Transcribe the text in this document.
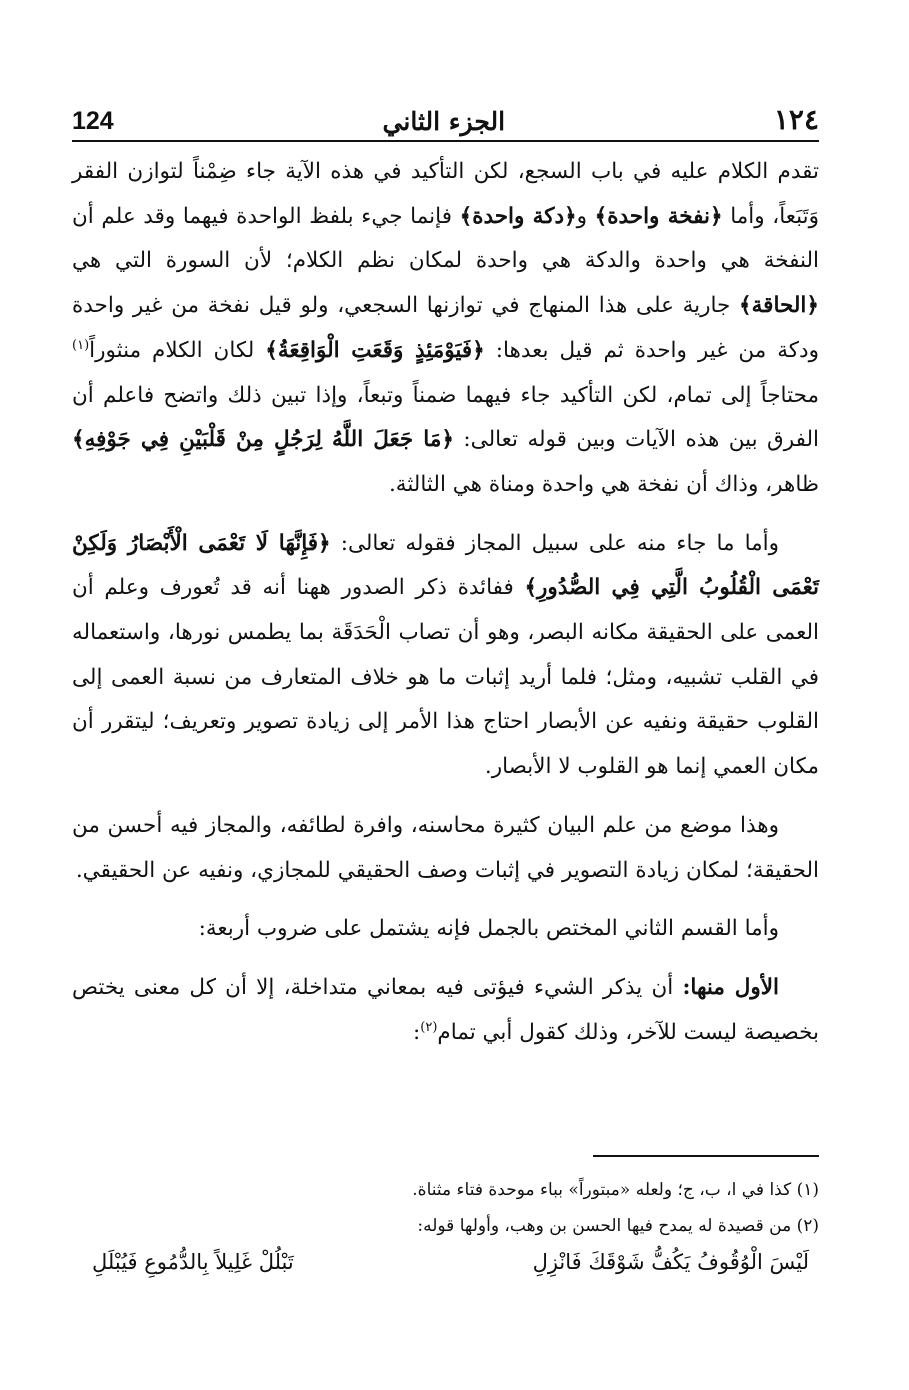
124	الجزء الثاني	١٢٤

تقدم الكلام عليه في باب السجع، لكن التأكيد في هذه الآية جاء ضِمْناً لتوازن الفقر وَتَبَعاً، وأما ﴿نفخة واحدة﴾ و﴿دكة واحدة﴾ فإنما جيء بلفظ الواحدة فيهما وقد علم أن النفخة هي واحدة والدكة هي واحدة لمكان نظم الكلام؛ لأن السورة التي هي ﴿الحاقة﴾ جارية على هذا المنهاج في توازنها السجعي، ولو قيل نفخة من غير واحدة ودكة من غير واحدة ثم قيل بعدها: ﴿فَيَوْمَئِذٍ وَقَعَتِ الْوَاقِعَةُ﴾ لكان الكلام منثوراً$^{(١)}$ محتاجاً إلى تمام، لكن التأكيد جاء فيهما ضمناً وتبعاً، وإذا تبين ذلك واتضح فاعلم أن الفرق بين هذه الآيات وبين قوله تعالى: ﴿مَا جَعَلَ اللَّهُ لِرَجُلٍ مِنْ قَلْبَيْنِ فِي جَوْفِهِ﴾ ظاهر، وذاك أن نفخة هي واحدة ومناة هي الثالثة.

وأما ما جاء منه على سبيل المجاز فقوله تعالى: ﴿فَإِنَّهَا لَا تَعْمَى الْأَبْصَارُ وَلَكِنْ تَعْمَى الْقُلُوبُ الَّتِي فِي الصُّدُورِ﴾ ففائدة ذكر الصدور ههنا أنه قد تُعورف وعلم أن العمى على الحقيقة مكانه البصر، وهو أن تصاب الْحَدَقَة بما يطمس نورها، واستعماله في القلب تشبيه، ومثل؛ فلما أريد إثبات ما هو خلاف المتعارف من نسبة العمى إلى القلوب حقيقة ونفيه عن الأبصار احتاج هذا الأمر إلى زيادة تصوير وتعريف؛ ليتقرر أن مكان العمي إنما هو القلوب لا الأبصار.

وهذا موضع من علم البيان كثيرة محاسنه، وافرة لطائفه، والمجاز فيه أحسن من الحقيقة؛ لمكان زيادة التصوير في إثبات وصف الحقيقي للمجازي، ونفيه عن الحقيقي.

وأما القسم الثاني المختص بالجمل فإنه يشتمل على ضروب أربعة:

الأول منها: أن يذكر الشيء فيؤتى فيه بمعاني متداخلة، إلا أن كل معنى يختص بخصيصة ليست للآخر، وذلك كقول أبي تمام$^{(٢)}$:

(١) كذا في ا، ب، ج؛ ولعله «مبتوراً» بباء موحدة فتاء مثناة.
(٢) من قصيدة له يمدح فيها الحسن بن وهب، وأولها قوله:
لَيْسَ الْوُقُوفُ يَكُفُّ شَوْقَكَ فَانْزِلِ
تَبْلُلْ غَلِيلاً بِالدُّمُوعِ فَيُبْلَلِ
